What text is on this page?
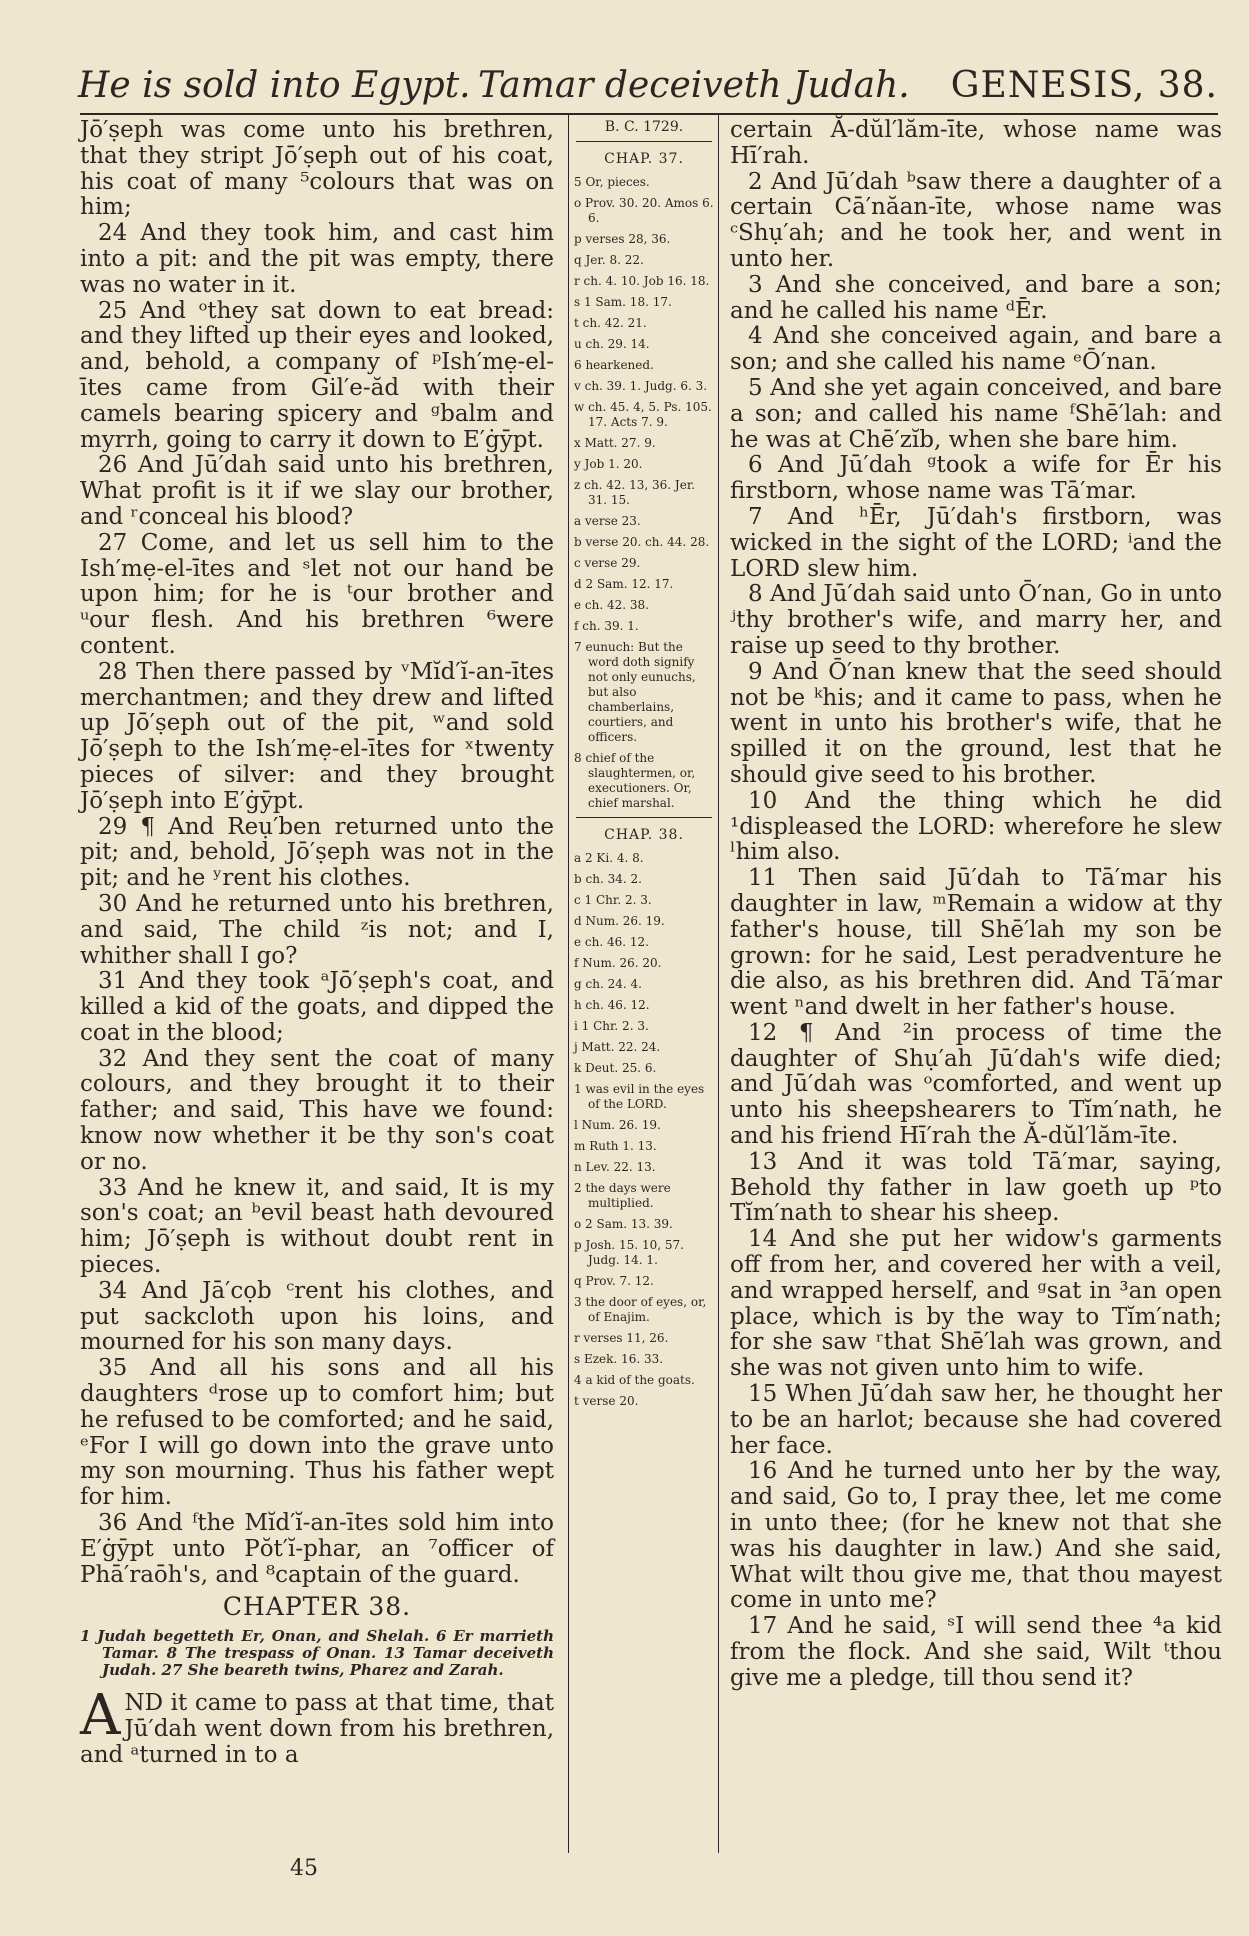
He is sold into Egypt. Tamar deceiveth Judah. GENESIS, 38.

Jō′ṣeph was come unto his brethren, that they stript Jō′ṣeph out of his coat, his coat of many ⁵colours that was on him;

24 And they took him, and cast him into a pit: and the pit was empty, there was no water in it.

25 And ᵒthey sat down to eat bread: and they lifted up their eyes and looked, and, behold, a company of ᵖIsh′mẹ-el-ītes came from Gil′e-ăd with their camels bearing spicery and ᵍbalm and myrrh, going to carry it down to E′ġȳpt.

26 And Jū′dah said unto his brethren, What profit is it if we slay our brother, and ʳconceal his blood?

27 Come, and let us sell him to the Ish′mẹ-el-ītes and ˢlet not our hand be upon him; for he is ᵗour brother and ᵘour flesh. And his brethren ⁶were content.

28 Then there passed by ᵛMĭd′ĭ-an-ītes merchantmen; and they drew and lifted up Jō′ṣeph out of the pit, ʷand sold Jō′ṣeph to the Ish′mẹ-el-ītes for ˣtwenty pieces of silver: and they brought Jō′ṣeph into E′ġȳpt.

29 ¶ And Reụ′ben returned unto the pit; and, behold, Jō′ṣeph was not in the pit; and he ʸrent his clothes.

30 And he returned unto his brethren, and said, The child ᶻis not; and I, whither shall I go?

31 And they took ᵃJō′ṣeph's coat, and killed a kid of the goats, and dipped the coat in the blood;

32 And they sent the coat of many colours, and they brought it to their father; and said, This have we found: know now whether it be thy son's coat or no.

33 And he knew it, and said, It is my son's coat; an ᵇevil beast hath devoured him; Jō′ṣeph is without doubt rent in pieces.

34 And Jā′cọb ᶜrent his clothes, and put sackcloth upon his loins, and mourned for his son many days.

35 And all his sons and all his daughters ᵈrose up to comfort him; but he refused to be comforted; and he said, ᵉFor I will go down into the grave unto my son mourning. Thus his father wept for him.

36 And ᶠthe Mĭd′ĭ-an-ītes sold him into E′ġȳpt unto Pŏt′ĭ-phar, an ⁷officer of Phā′raōh's, and ⁸captain of the guard.

CHAPTER 38.
1 Judah begetteth Er, Onan, and Shelah. 6 Er marrieth Tamar. 8 The trespass of Onan. 13 Tamar deceiveth Judah. 27 She beareth twins, Pharez and Zarah.

AND it came to pass at that time, that Jū′dah went down from his brethren, and ᵃturned in to a

B. C. 1729.
CHAP. 37.
5 Or, pieces.
o Prov. 30. 20. Amos 6. 6.
p verses 28, 36.
q Jer. 8. 22.
r ch. 4. 10. Job 16. 18.
s 1 Sam. 18. 17.
t ch. 42. 21.
u ch. 29. 14.
6 hearkened.
v ch. 39. 1. Judg. 6. 3.
w ch. 45. 4, 5. Ps. 105. 17. Acts 7. 9.
x Matt. 27. 9.
y Job 1. 20.
z ch. 42. 13, 36. Jer. 31. 15.
a verse 23.
b verse 20. ch. 44. 28.
c verse 29.
d 2 Sam. 12. 17.
e ch. 42. 38.
f ch. 39. 1.
7 eunuch: But the word doth signify not only eunuchs, but also chamberlains, courtiers, and officers.
8 chief of the slaughtermen, or, executioners. Or, chief marshal.
CHAP. 38.
a 2 Ki. 4. 8.
b ch. 34. 2.
c 1 Chr. 2. 3.
d Num. 26. 19.
e ch. 46. 12.
f Num. 26. 20.
g ch. 24. 4.
h ch. 46. 12.
i 1 Chr. 2. 3.
j Matt. 22. 24.
k Deut. 25. 6.
1 was evil in the eyes of the LORD.
l Num. 26. 19.
m Ruth 1. 13.
n Lev. 22. 13.
2 the days were multiplied.
o 2 Sam. 13. 39.
p Josh. 15. 10, 57. Judg. 14. 1.
q Prov. 7. 12.
3 the door of eyes, or, of Enajim.
r verses 11, 26.
s Ezek. 16. 33.
4 a kid of the goats.
t verse 20.

certain Ă-dŭl′lăm-īte, whose name was Hī′rah.

2 And Jū′dah ᵇsaw there a daughter of a certain Cā′năan-īte, whose name was ᶜShụ′ah; and he took her, and went in unto her.

3 And she conceived, and bare a son; and he called his name ᵈĒr.

4 And she conceived again, and bare a son; and she called his name ᵉŌ′nan.

5 And she yet again conceived, and bare a son; and called his name ᶠShē′lah: and he was at Chē′zĭb, when she bare him.

6 And Jū′dah ᵍtook a wife for Ēr his firstborn, whose name was Tā′mar.

7 And ʰĒr, Jū′dah's firstborn, was wicked in the sight of the LORD; ⁱand the LORD slew him.

8 And Jū′dah said unto Ō′nan, Go in unto ʲthy brother's wife, and marry her, and raise up seed to thy brother.

9 And Ō′nan knew that the seed should not be ᵏhis; and it came to pass, when he went in unto his brother's wife, that he spilled it on the ground, lest that he should give seed to his brother.

10 And the thing which he did ¹displeased the LORD: wherefore he slew ˡhim also.

11 Then said Jū′dah to Tā′mar his daughter in law, ᵐRemain a widow at thy father's house, till Shē′lah my son be grown: for he said, Lest peradventure he die also, as his brethren did. And Tā′mar went ⁿand dwelt in her father's house.

12 ¶ And ²in process of time the daughter of Shụ′ah Jū′dah's wife died; and Jū′dah was ᵒcomforted, and went up unto his sheepshearers to Tĭm′nath, he and his friend Hī′rah the Ă-dŭl′lăm-īte.

13 And it was told Tā′mar, saying, Behold thy father in law goeth up ᵖto Tĭm′nath to shear his sheep.

14 And she put her widow's garments off from her, and covered her with a veil, and wrapped herself, and ᵍsat in ³an open place, which is by the way to Tĭm′nath; for she saw ʳthat Shē′lah was grown, and she was not given unto him to wife.

15 When Jū′dah saw her, he thought her to be an harlot; because she had covered her face.

16 And he turned unto her by the way, and said, Go to, I pray thee, let me come in unto thee; (for he knew not that she was his daughter in law.) And she said, What wilt thou give me, that thou mayest come in unto me?

17 And he said, ˢI will send thee ⁴a kid from the flock. And she said, Wilt ᵗthou give me a pledge, till thou send it?

45
